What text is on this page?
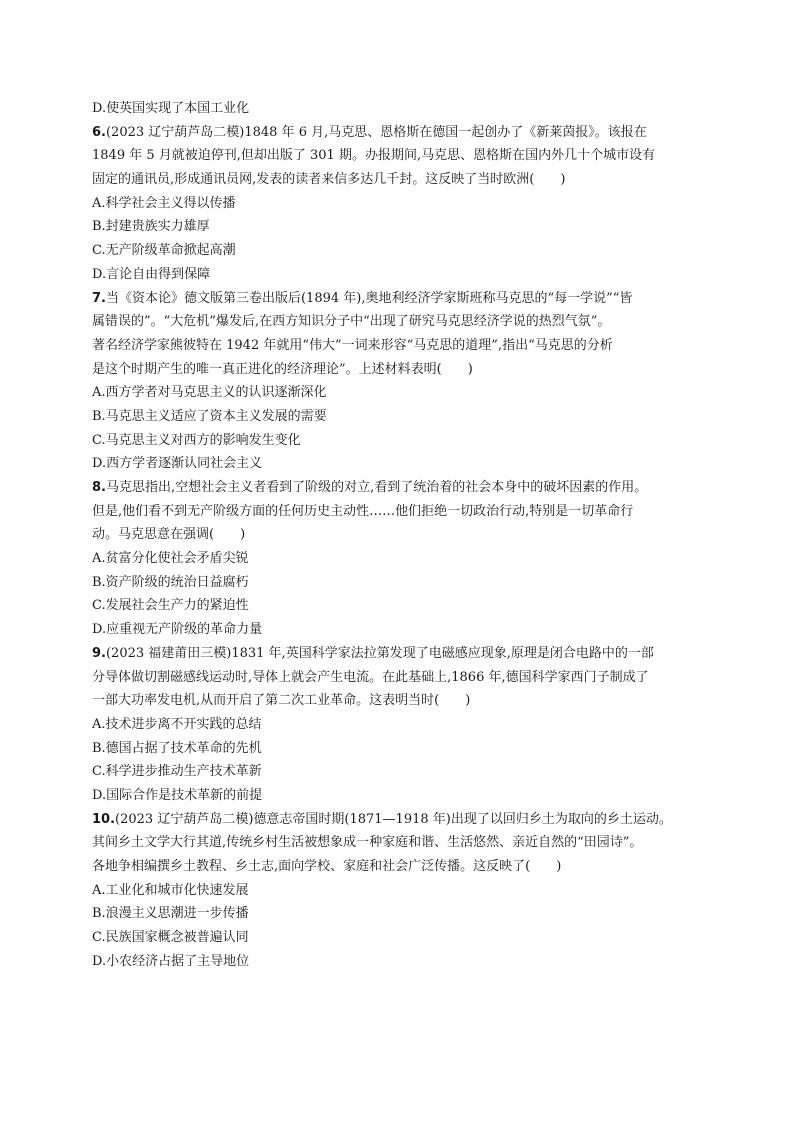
D.使英国实现了本国工业化
6.(2023 辽宁葫芦岛二模)1848 年 6 月,马克思、恩格斯在德国一起创办了《新莱茵报》。该报在
1849 年 5 月就被迫停刊,但却出版了 301 期。办报期间,马克思、恩格斯在国内外几十个城市设有
固定的通讯员,形成通讯员网,发表的读者来信多达几千封。这反映了当时欧洲(　　)
A.科学社会主义得以传播
B.封建贵族实力雄厚
C.无产阶级革命掀起高潮
D.言论自由得到保障
7.当《资本论》德文版第三卷出版后(1894 年),奥地利经济学家斯班称马克思的“每一学说”“皆
属错误的”。“大危机”爆发后,在西方知识分子中“出现了研究马克思经济学说的热烈气氛”。
著名经济学家熊彼特在 1942 年就用“伟大”一词来形容“马克思的道理”,指出“马克思的分析
是这个时期产生的唯一真正进化的经济理论”。上述材料表明(　　)
A.西方学者对马克思主义的认识逐渐深化
B.马克思主义适应了资本主义发展的需要
C.马克思主义对西方的影响发生变化
D.西方学者逐渐认同社会主义
8.马克思指出,空想社会主义者看到了阶级的对立,看到了统治着的社会本身中的破坏因素的作用。
但是,他们看不到无产阶级方面的任何历史主动性……他们拒绝一切政治行动,特别是一切革命行
动。马克思意在强调(　　)
A.贫富分化使社会矛盾尖锐
B.资产阶级的统治日益腐朽
C.发展社会生产力的紧迫性
D.应重视无产阶级的革命力量
9.(2023 福建莆田三模)1831 年,英国科学家法拉第发现了电磁感应现象,原理是闭合电路中的一部
分导体做切割磁感线运动时,导体上就会产生电流。在此基础上,1866 年,德国科学家西门子制成了
一部大功率发电机,从而开启了第二次工业革命。这表明当时(　　)
A.技术进步离不开实践的总结
B.德国占据了技术革命的先机
C.科学进步推动生产技术革新
D.国际合作是技术革新的前提
10.(2023 辽宁葫芦岛二模)德意志帝国时期(1871—1918 年)出现了以回归乡土为取向的乡土运动。
其间乡土文学大行其道,传统乡村生活被想象成一种家庭和谐、生活悠然、亲近自然的“田园诗”。
各地争相编撰乡土教程、乡土志,面向学校、家庭和社会广泛传播。这反映了(　　)
A.工业化和城市化快速发展
B.浪漫主义思潮进一步传播
C.民族国家概念被普遍认同
D.小农经济占据了主导地位
